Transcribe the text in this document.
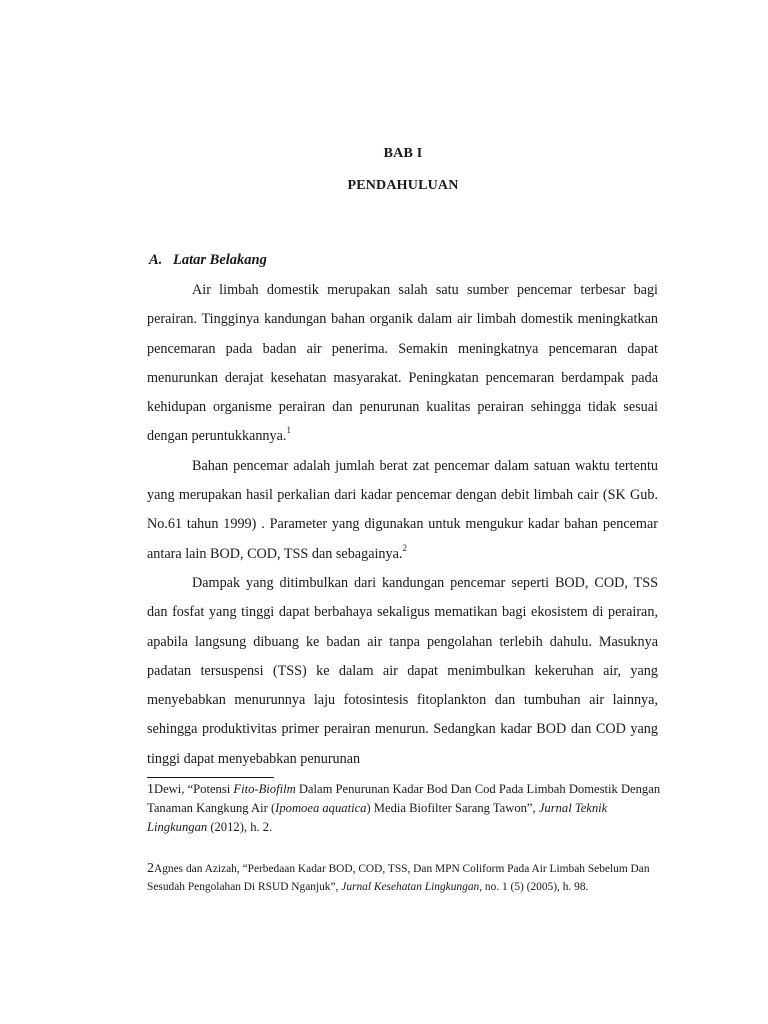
BAB I
PENDAHULUAN
A. Latar Belakang

Air limbah domestik merupakan salah satu sumber pencemar terbesar bagi perairan. Tingginya kandungan bahan organik dalam air limbah domestik meningkatkan pencemaran pada badan air penerima. Semakin meningkatnya pencemaran dapat menurunkan derajat kesehatan masyarakat. Peningkatan pencemaran berdampak pada kehidupan organisme perairan dan penurunan kualitas perairan sehingga tidak sesuai dengan peruntukkannya.$^1$

Bahan pencemar adalah jumlah berat zat pencemar dalam satuan waktu tertentu yang merupakan hasil perkalian dari kadar pencemar dengan debit limbah cair (SK Gub. No.61 tahun 1999) . Parameter yang digunakan untuk mengukur kadar bahan pencemar antara lain BOD, COD, TSS dan sebagainya.$^2$

Dampak yang ditimbulkan dari kandungan pencemar seperti BOD, COD, TSS dan fosfat yang tinggi dapat berbahaya sekaligus mematikan bagi ekosistem di perairan, apabila langsung dibuang ke badan air tanpa pengolahan terlebih dahulu. Masuknya padatan tersuspensi (TSS) ke dalam air dapat menimbulkan kekeruhan air, yang menyebabkan menurunnya laju fotosintesis fitoplankton dan tumbuhan air lainnya, sehingga produktivitas primer perairan menurun. Sedangkan kadar BOD dan COD yang tinggi dapat menyebabkan penurunan

1Dewi, “Potensi Fito-Biofilm Dalam Penurunan Kadar Bod Dan Cod Pada Limbah Domestik Dengan Tanaman Kangkung Air (Ipomoea aquatica) Media Biofilter Sarang Tawon”, Jurnal Teknik Lingkungan (2012), h. 2.
2Agnes dan Azizah, “Perbedaan Kadar BOD, COD, TSS, Dan MPN Coliform Pada Air Limbah Sebelum Dan Sesudah Pengolahan Di RSUD Nganjuk”, Jurnal Kesehatan Lingkungan, no. 1 (5) (2005), h. 98.
